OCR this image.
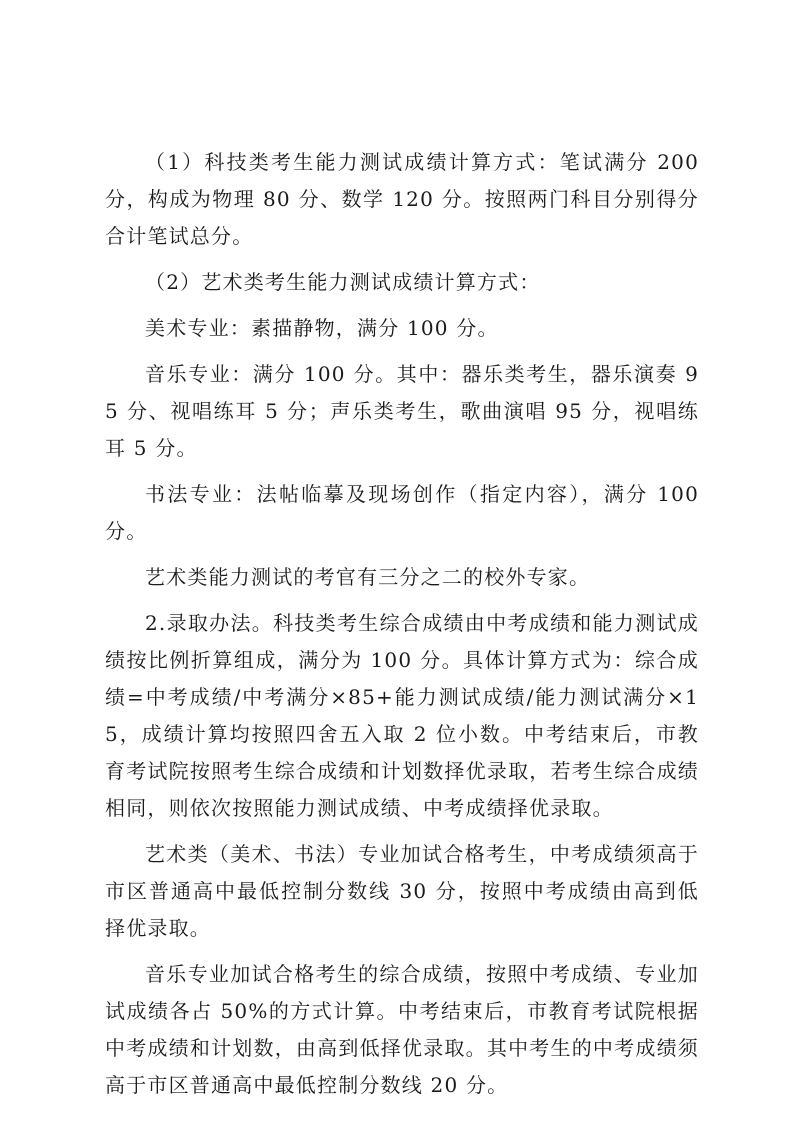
（1）科技类考生能力测试成绩计算方式：笔试满分 200 分，构成为物理 80 分、数学 120 分。按照两门科目分别得分合计笔试总分。

（2）艺术类考生能力测试成绩计算方式：

美术专业：素描静物，满分 100 分。

音乐专业：满分 100 分。其中：器乐类考生，器乐演奏 95 分、视唱练耳 5 分；声乐类考生，歌曲演唱 95 分，视唱练耳 5 分。

书法专业：法帖临摹及现场创作（指定内容），满分 100 分。

艺术类能力测试的考官有三分之二的校外专家。

2.录取办法。科技类考生综合成绩由中考成绩和能力测试成绩按比例折算组成，满分为 100 分。具体计算方式为：综合成绩=中考成绩/中考满分×85+能力测试成绩/能力测试满分×15，成绩计算均按照四舍五入取 2 位小数。中考结束后，市教育考试院按照考生综合成绩和计划数择优录取，若考生综合成绩相同，则依次按照能力测试成绩、中考成绩择优录取。

艺术类（美术、书法）专业加试合格考生，中考成绩须高于市区普通高中最低控制分数线 30 分，按照中考成绩由高到低择优录取。

音乐专业加试合格考生的综合成绩，按照中考成绩、专业加试成绩各占 50%的方式计算。中考结束后，市教育考试院根据中考成绩和计划数，由高到低择优录取。其中考生的中考成绩须高于市区普通高中最低控制分数线 20 分。
